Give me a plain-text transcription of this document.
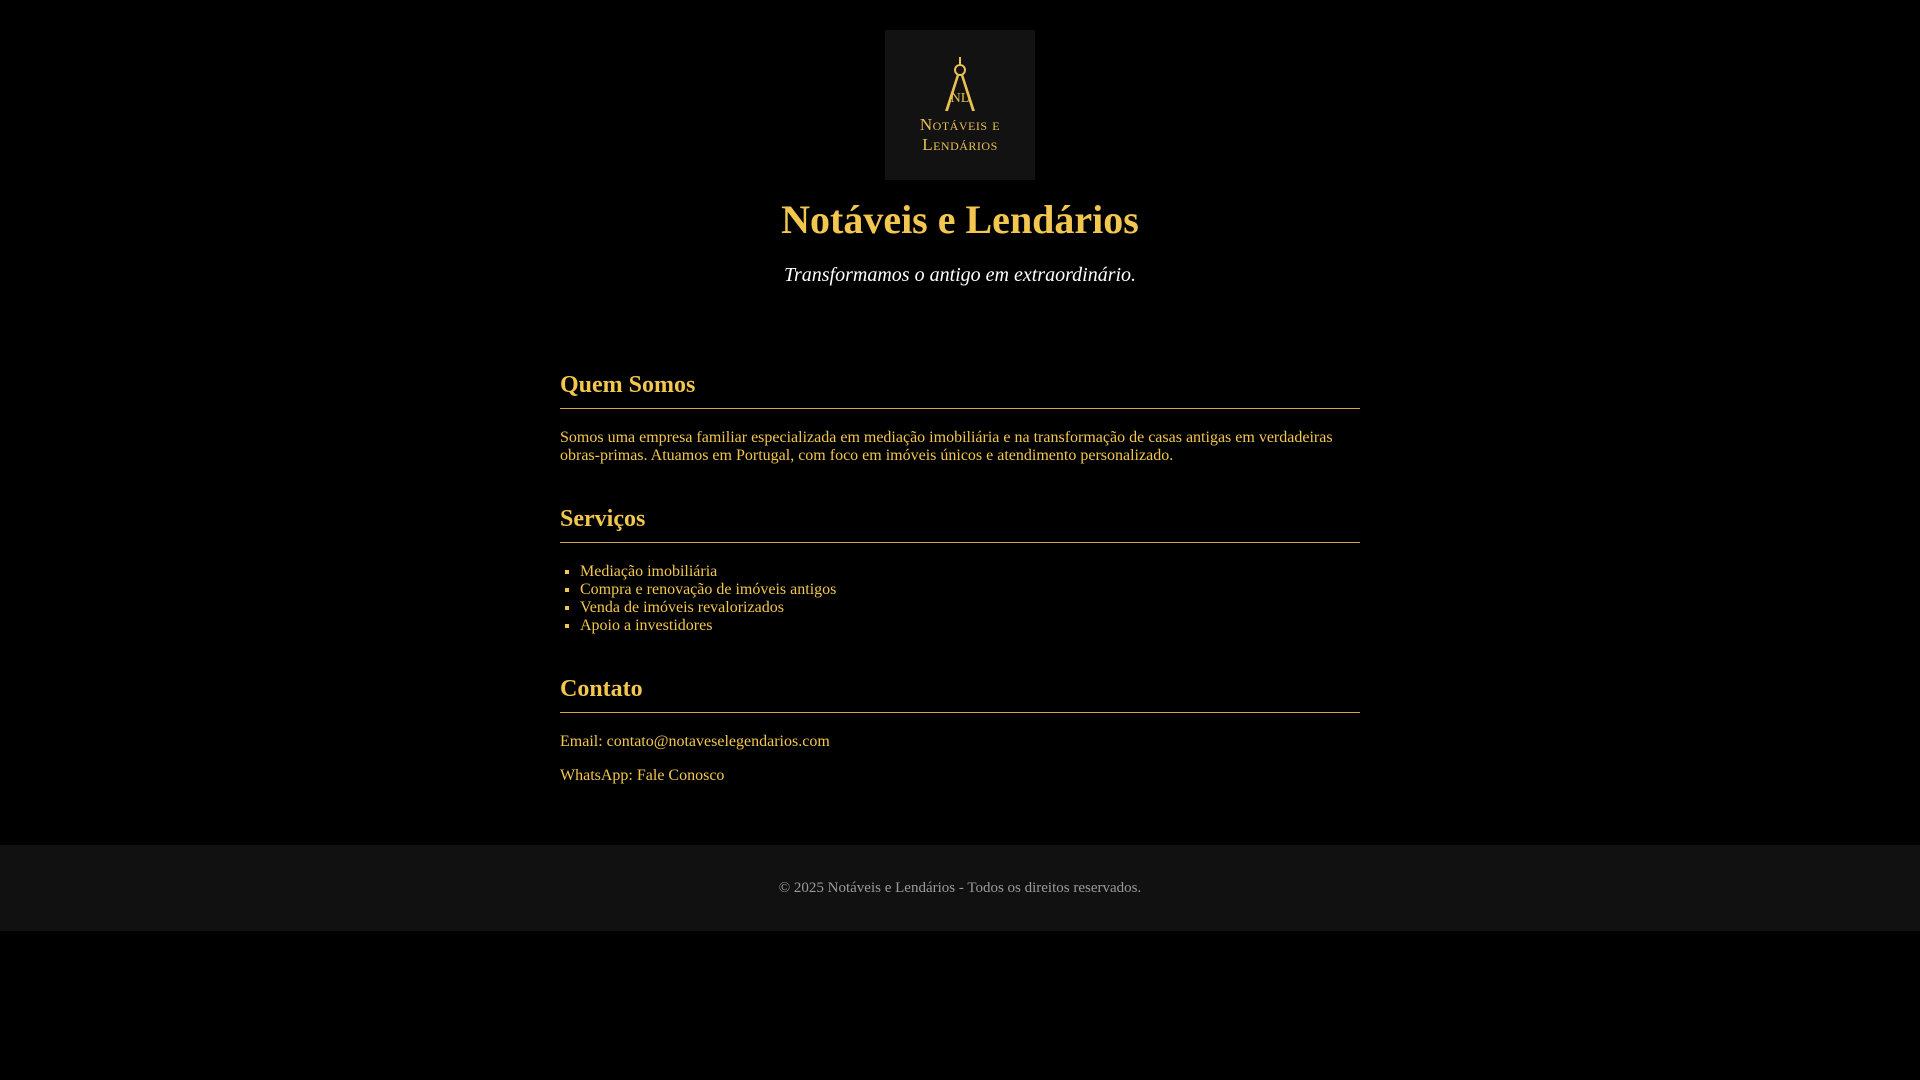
NL
Notáveis e
Lendários
Notáveis e Lendários

Transformamos o antigo em extraordinário.

Quem Somos

Somos uma empresa familiar especializada em mediação imobiliária e na transformação de casas antigas em verdadeiras obras-primas. Atuamos em Portugal, com foco em imóveis únicos e atendimento personalizado.

Serviços
▪ Mediação imobiliária
▪ Compra e renovação de imóveis antigos
▪ Venda de imóveis revalorizados
▪ Apoio a investidores
Contato

Email: contato@notaveselegendarios.com

WhatsApp: Fale Conosco

© 2025 Notáveis e Lendários - Todos os direitos reservados.
